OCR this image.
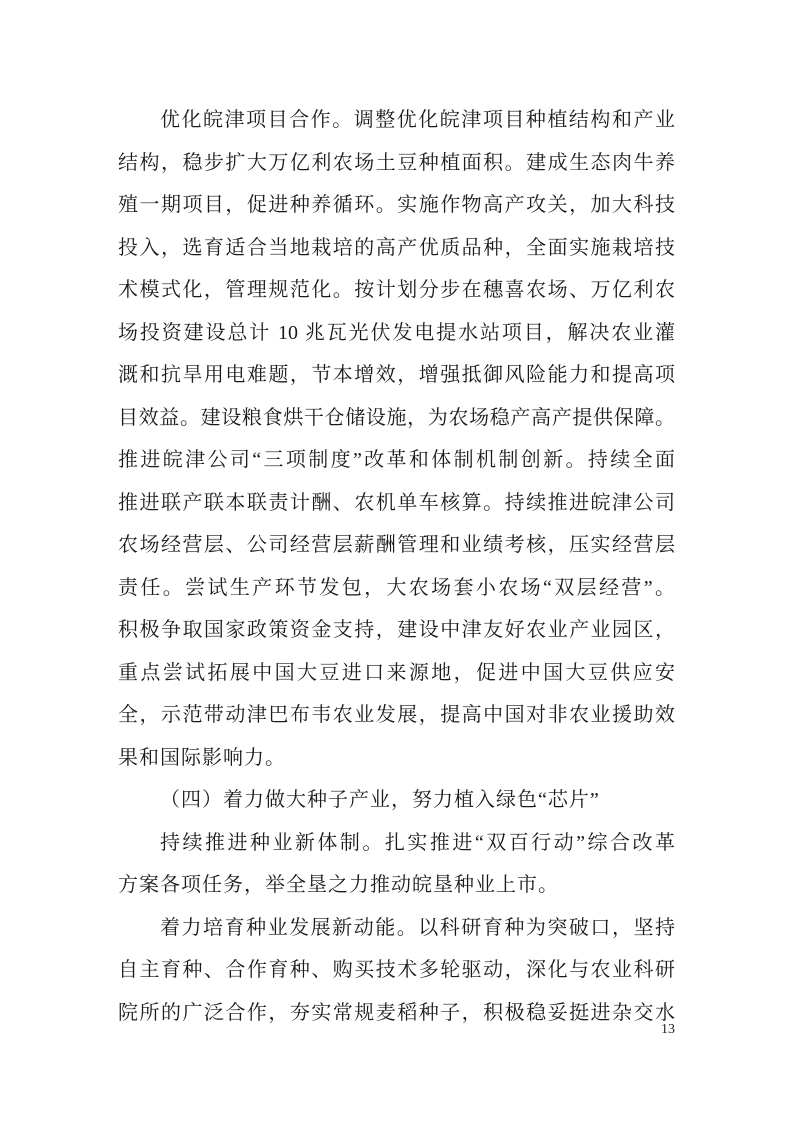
优化皖津项目合作。调整优化皖津项目种植结构和产业
结构，稳步扩大万亿利农场土豆种植面积。建成生态肉牛养
殖一期项目，促进种养循环。实施作物高产攻关，加大科技
投入，选育适合当地栽培的高产优质品种，全面实施栽培技
术模式化，管理规范化。按计划分步在穗喜农场、万亿利农
场投资建设总计 10 兆瓦光伏发电提水站项目，解决农业灌
溉和抗旱用电难题，节本增效，增强抵御风险能力和提高项
目效益。建设粮食烘干仓储设施，为农场稳产高产提供保障。
推进皖津公司“三项制度”改革和体制机制创新。持续全面
推进联产联本联责计酬、农机单车核算。持续推进皖津公司
农场经营层、公司经营层薪酬管理和业绩考核，压实经营层
责任。尝试生产环节发包，大农场套小农场“双层经营”。
积极争取国家政策资金支持，建设中津友好农业产业园区，
重点尝试拓展中国大豆进口来源地，促进中国大豆供应安
全，示范带动津巴布韦农业发展，提高中国对非农业援助效
果和国际影响力。
（四）着力做大种子产业，努力植入绿色“芯片”
持续推进种业新体制。扎实推进“双百行动”综合改革
方案各项任务，举全垦之力推动皖垦种业上市。
着力培育种业发展新动能。以科研育种为突破口，坚持
自主育种、合作育种、购买技术多轮驱动，深化与农业科研
院所的广泛合作，夯实常规麦稻种子，积极稳妥挺进杂交水
13
